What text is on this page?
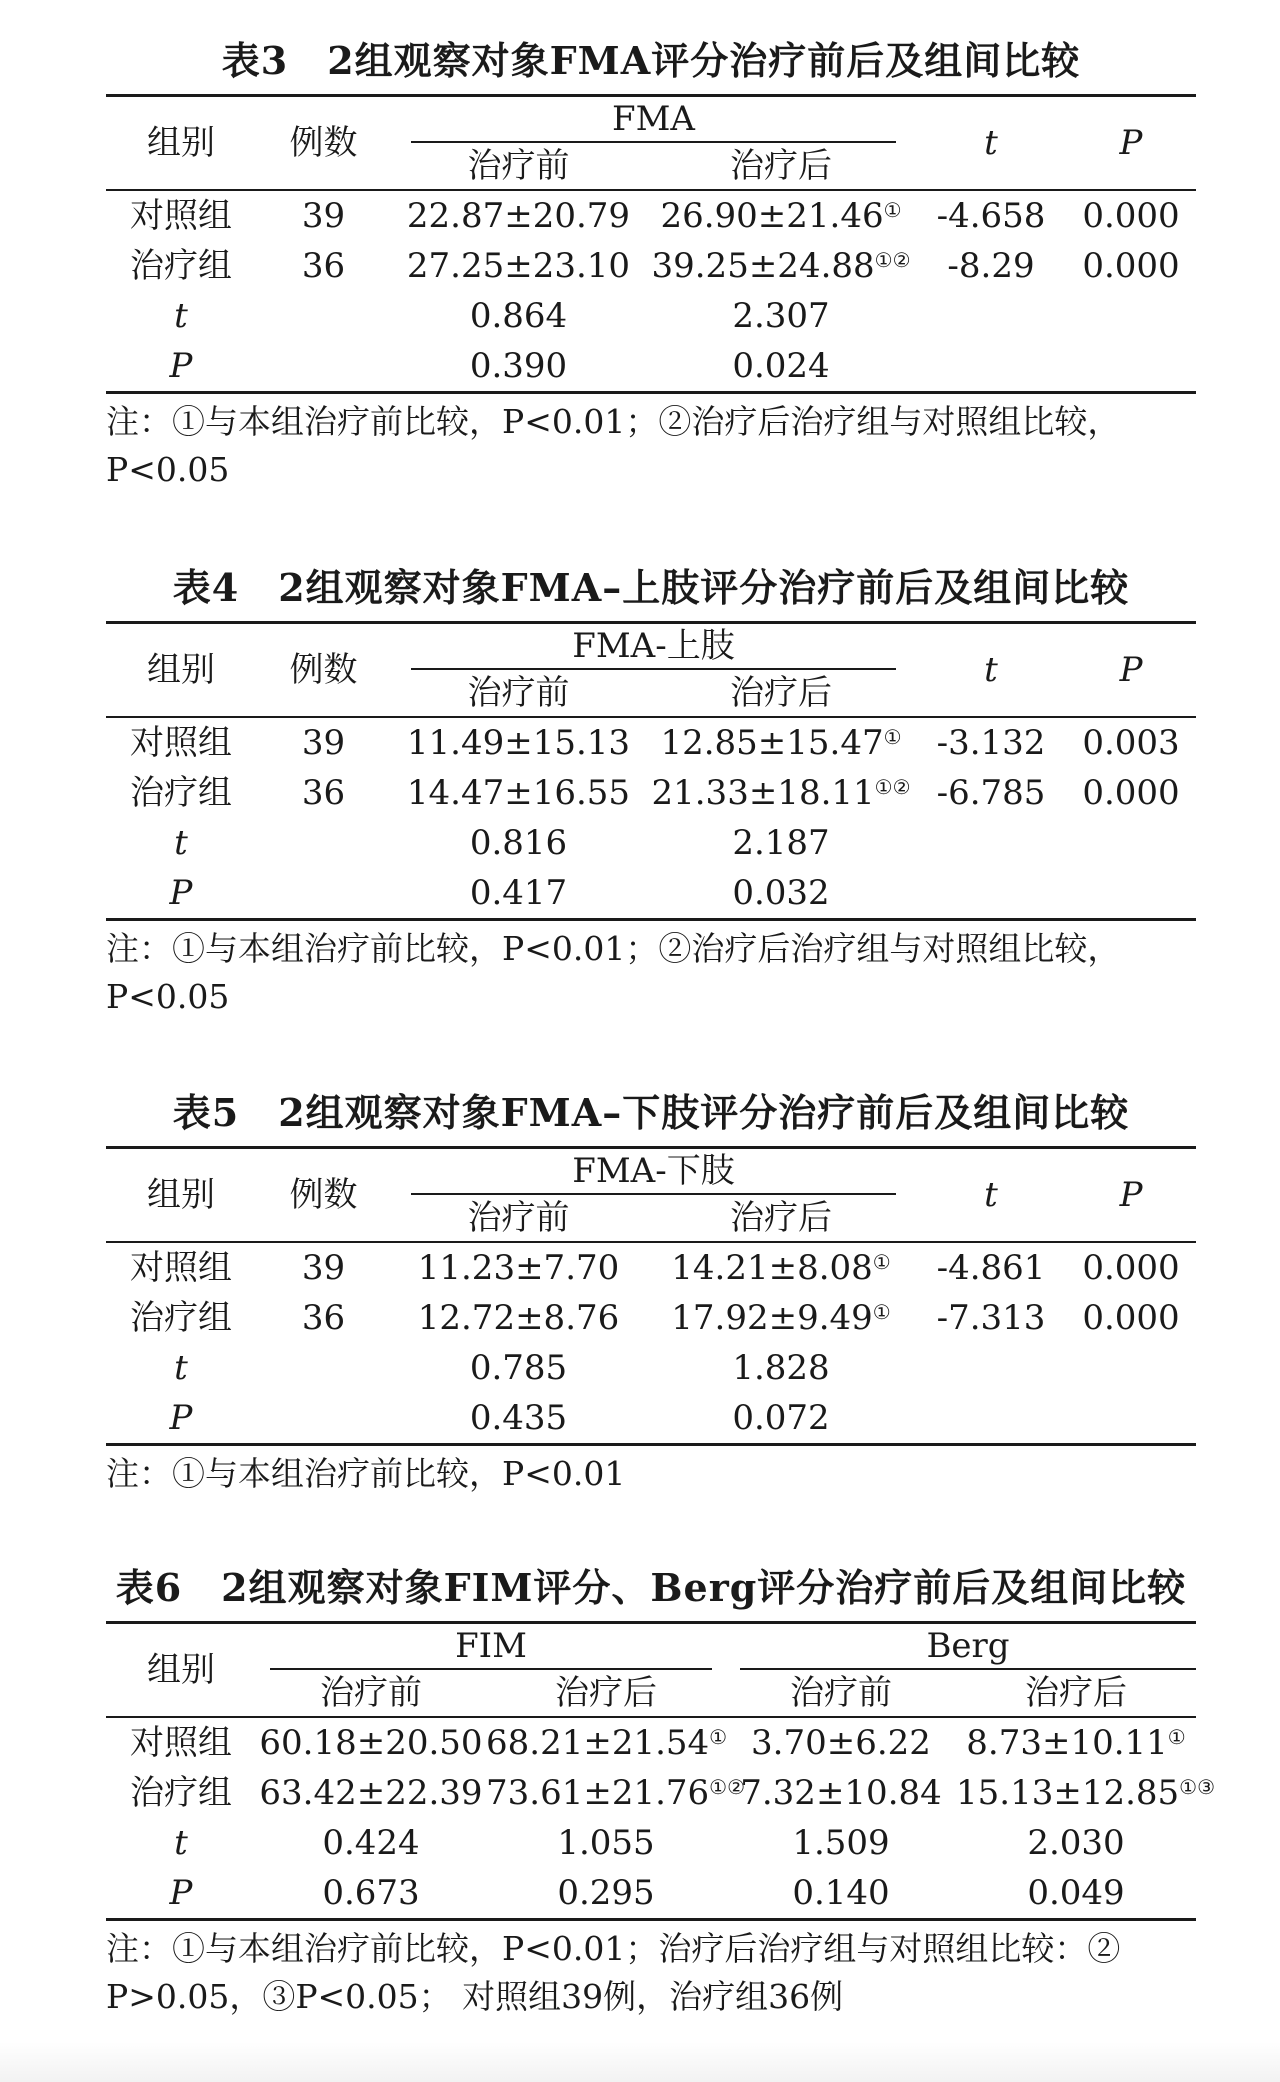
表3　2组观察对象FMA评分治疗前后及组间比较
组别	例数	FMA		t	P
		治疗前	治疗后		
对照组	39	22.87±20.79	26.90±21.46①	-4.658	0.000
治疗组	36	27.25±23.10	39.25±24.88①②	-8.29	0.000
t		0.864	2.307		
P		0.390	0.024		
注：①与本组治疗前比较，P<0.01；②治疗后治疗组与对照组比较，
P<0.05
表4　2组观察对象FMA–上肢评分治疗前后及组间比较
组别	例数	FMA-上肢		t	P
		治疗前	治疗后		
对照组	39	11.49±15.13	12.85±15.47①	-3.132	0.003
治疗组	36	14.47±16.55	21.33±18.11①②	-6.785	0.000
t		0.816	2.187		
P		0.417	0.032		
注：①与本组治疗前比较，P<0.01；②治疗后治疗组与对照组比较，
P<0.05
表5　2组观察对象FMA–下肢评分治疗前后及组间比较
组别	例数	FMA-下肢		t	P
		治疗前	治疗后		
对照组	39	11.23±7.70	14.21±8.08①	-4.861	0.000
治疗组	36	12.72±8.76	17.92±9.49①	-7.313	0.000
t		0.785	1.828		
P		0.435	0.072		
注：①与本组治疗前比较，P<0.01
表6　2组观察对象FIM评分、Berg评分治疗前后及组间比较
组别	FIM		Berg	

	治疗前	治疗后	治疗前	治疗后
对照组	60.18±20.50	68.21±21.54①	3.70±6.22	8.73±10.11①
治疗组	63.42±22.39	73.61±21.76①②	7.32±10.84	15.13±12.85①③
t	0.424	1.055	1.509	2.030
P	0.673	0.295	0.140	0.049
注：①与本组治疗前比较，P<0.01；治疗后治疗组与对照组比较：②
P>0.05，③P<0.05； 对照组39例，治疗组36例
